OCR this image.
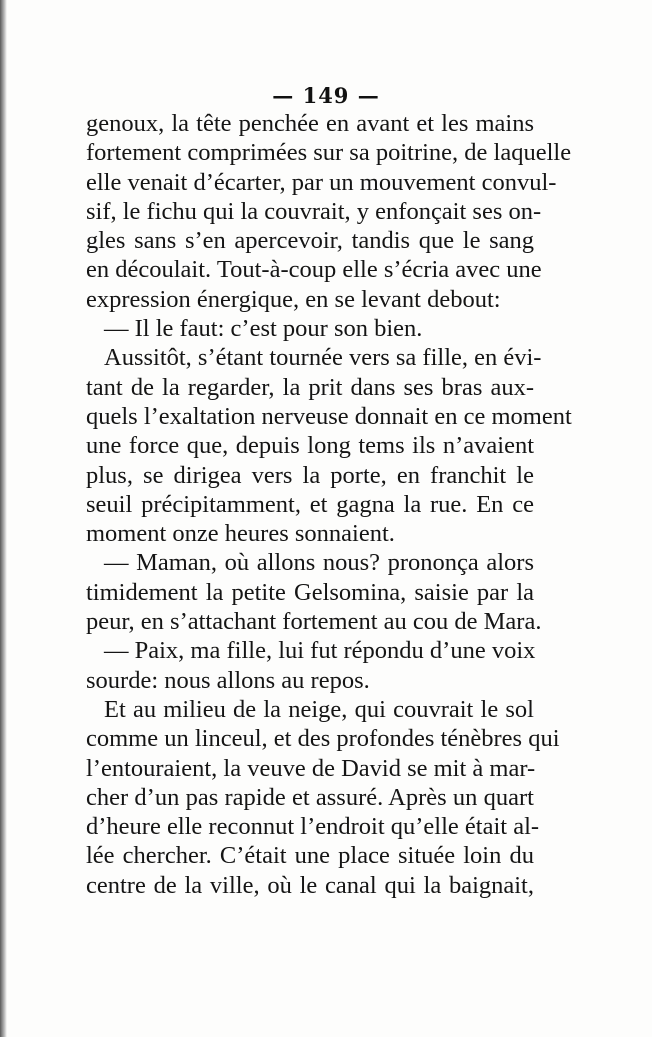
— 149 —
genoux, la tête penchée en avant et les mains
fortement comprimées sur sa poitrine, de laquelle
elle venait d’écarter, par un mouvement convul-
sif, le fichu qui la couvrait, y enfonçait ses on-
gles sans s’en apercevoir, tandis que le sang
en découlait. Tout-à-coup elle s’écria avec une
expression énergique, en se levant debout:
— Il le faut: c’est pour son bien.
Aussitôt, s’étant tournée vers sa fille, en évi-
tant de la regarder, la prit dans ses bras aux-
quels l’exaltation nerveuse donnait en ce moment
une force que, depuis long tems ils n’avaient
plus, se dirigea vers la porte, en franchit le
seuil précipitamment, et gagna la rue. En ce
moment onze heures sonnaient.
— Maman, où allons nous? prononça alors
timidement la petite Gelsomina, saisie par la
peur, en s’attachant fortement au cou de Mara.
— Paix, ma fille, lui fut répondu d’une voix
sourde: nous allons au repos.
Et au milieu de la neige, qui couvrait le sol
comme un linceul, et des profondes ténèbres qui
l’entouraient, la veuve de David se mit à mar-
cher d’un pas rapide et assuré. Après un quart
d’heure elle reconnut l’endroit qu’elle était al-
lée chercher. C’était une place située loin du
centre de la ville, où le canal qui la baignait,
